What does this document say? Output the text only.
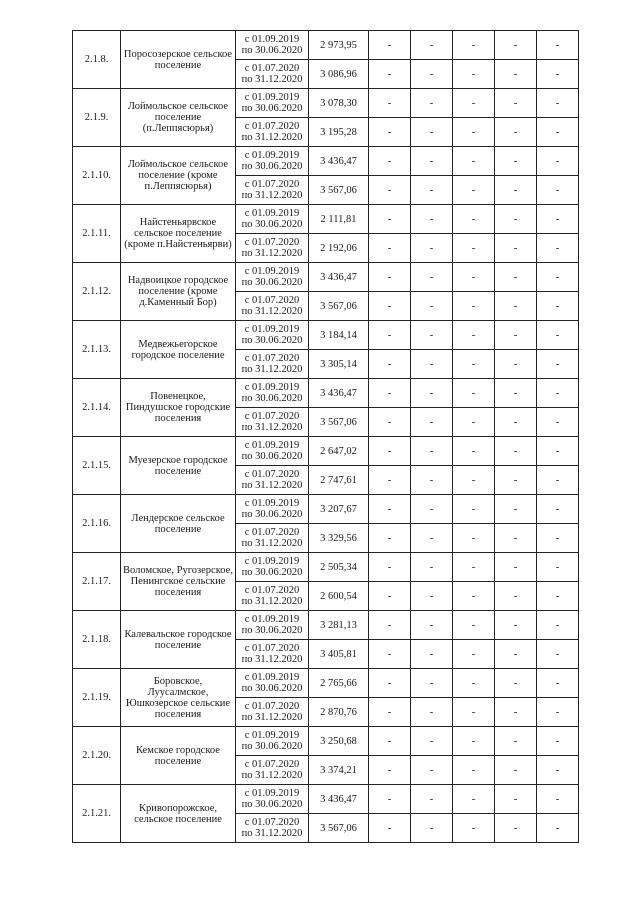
2.1.8.	Поросозерское сельское поселение	с 01.09.2019 по 30.06.2020	2 973,95	-	-	-	-	-
		с 01.07.2020 по 31.12.2020	3 086,96	-	-	-	-	-
2.1.9.	Лоймольское сельское поселение (п.Леппясюрья)	с 01.09.2019 по 30.06.2020	3 078,30	-	-	-	-	-
		с 01.07.2020 по 31.12.2020	3 195,28	-	-	-	-	-
2.1.10.	Лоймольское сельское поселение (кроме п.Леппясюрья)	с 01.09.2019 по 30.06.2020	3 436,47	-	-	-	-	-
		с 01.07.2020 по 31.12.2020	3 567,06	-	-	-	-	-
2.1.11.	Найстеньярвское сельское поселение (кроме п.Найстеньярви)	с 01.09.2019 по 30.06.2020	2 111,81	-	-	-	-	-
		с 01.07.2020 по 31.12.2020	2 192,06	-	-	-	-	-
2.1.12.	Надвоицкое городское поселение (кроме д.Каменный Бор)	с 01.09.2019 по 30.06.2020	3 436,47	-	-	-	-	-
		с 01.07.2020 по 31.12.2020	3 567,06	-	-	-	-	-
2.1.13.	Медвежьегорское городское поселение	с 01.09.2019 по 30.06.2020	3 184,14	-	-	-	-	-
		с 01.07.2020 по 31.12.2020	3 305,14	-	-	-	-	-
2.1.14.	Повенецкое, Пиндушское городские поселения	с 01.09.2019 по 30.06.2020	3 436,47	-	-	-	-	-
		с 01.07.2020 по 31.12.2020	3 567,06	-	-	-	-	-
2.1.15.	Муезерское городское поселение	с 01.09.2019 по 30.06.2020	2 647,02	-	-	-	-	-
		с 01.07.2020 по 31.12.2020	2 747,61	-	-	-	-	-
2.1.16.	Лендерское сельское поселение	с 01.09.2019 по 30.06.2020	3 207,67	-	-	-	-	-
		с 01.07.2020 по 31.12.2020	3 329,56	-	-	-	-	-
2.1.17.	Воломское, Ругозерское, Пенингское сельские поселения	с 01.09.2019 по 30.06.2020	2 505,34	-	-	-	-	-
		с 01.07.2020 по 31.12.2020	2 600,54	-	-	-	-	-
2.1.18.	Калевальское городское поселение	с 01.09.2019 по 30.06.2020	3 281,13	-	-	-	-	-
		с 01.07.2020 по 31.12.2020	3 405,81	-	-	-	-	-
2.1.19.	Боровское, Луусалмское, Юшкозерское сельские поселения	с 01.09.2019 по 30.06.2020	2 765,66	-	-	-	-	-
		с 01.07.2020 по 31.12.2020	2 870,76	-	-	-	-	-
2.1.20.	Кемское городское поселение	с 01.09.2019 по 30.06.2020	3 250,68	-	-	-	-	-
		с 01.07.2020 по 31.12.2020	3 374,21	-	-	-	-	-
2.1.21.	Кривопорожское, сельское поселение	с 01.09.2019 по 30.06.2020	3 436,47	-	-	-	-	-
		с 01.07.2020 по 31.12.2020	3 567,06	-	-	-	-	-
